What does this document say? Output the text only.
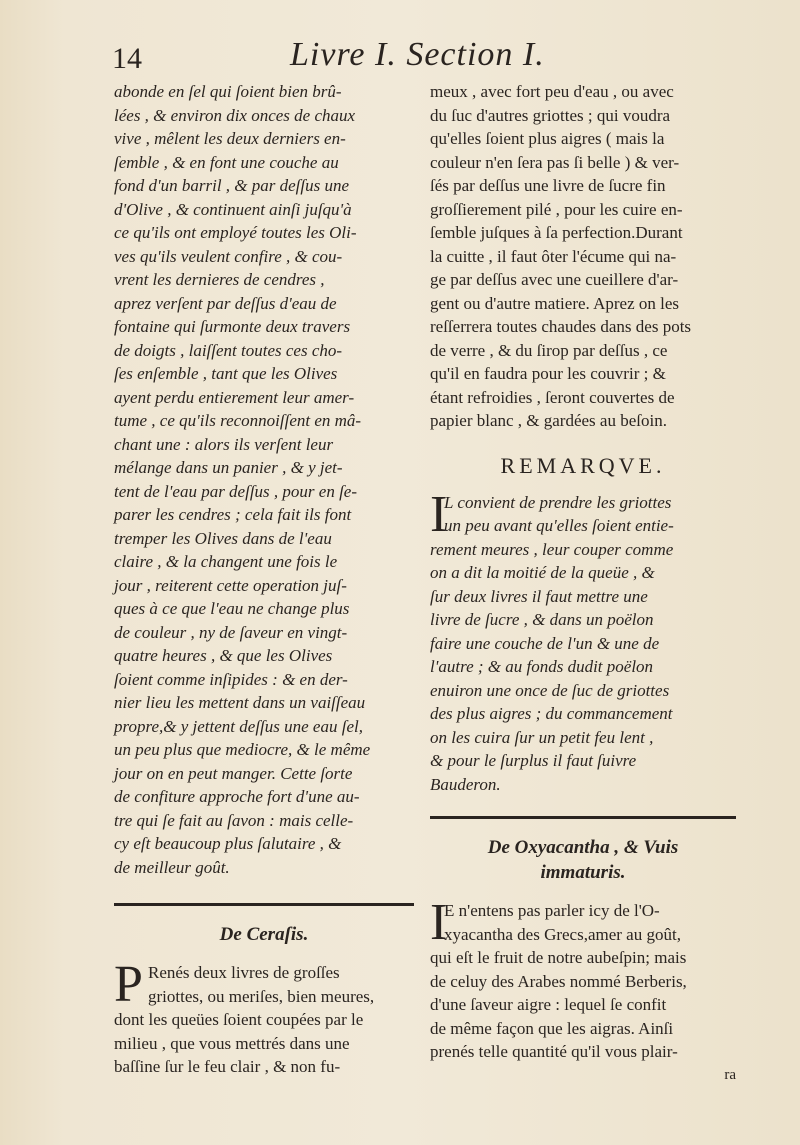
14	Livre I. Section I.
abonde en ſel qui ſoient bien brû-
lées , & environ dix onces de chaux
vive , mêlent les deux derniers en-
ſemble , & en font une couche au
fond d'un barril , & par deſſus une
d'Olive , & continuent ainſi juſqu'à
ce qu'ils ont employé toutes les Oli-
ves qu'ils veulent confire , & cou-
vrent les dernieres de cendres ,
aprez verſent par deſſus d'eau de
fontaine qui ſurmonte deux travers
de doigts , laiſſent toutes ces cho-
ſes enſemble , tant que les Olives
ayent perdu entierement leur amer-
tume , ce qu'ils reconnoiſſent en mâ-
chant une : alors ils verſent leur
mélange dans un panier , & y jet-
tent de l'eau par deſſus , pour en ſe-
parer les cendres ; cela fait ils font
tremper les Olives dans de l'eau
claire , & la changent une fois le
jour , reiterent cette operation juſ-
ques à ce que l'eau ne change plus
de couleur , ny de ſaveur en vingt-
quatre heures , & que les Olives
ſoient comme inſipides : & en der-
nier lieu les mettent dans un vaiſſeau
propre,& y jettent deſſus une eau ſel,
un peu plus que mediocre, & le même
jour on en peut manger. Cette ſorte
de confiture approche fort d'une au-
tre qui ſe fait au ſavon : mais celle-
cy eſt beaucoup plus ſalutaire , &
de meilleur goût.
De Ceraſis.
P Renés deux livres de groſſes
griottes, ou meriſes, bien meures,
dont les queües ſoient coupées par le
milieu , que vous mettrés dans une
baſſine ſur le feu clair , & non fu-
meux , avec fort peu d'eau , ou avec
du ſuc d'autres griottes ; qui voudra
qu'elles ſoient plus aigres ( mais la
couleur n'en ſera pas ſi belle ) & ver-
ſés par deſſus une livre de ſucre fin
groſſierement pilé , pour les cuire en-
ſemble juſques à ſa perfection.Durant
la cuitte , il faut ôter l'écume qui na-
ge par deſſus avec une cueillere d'ar-
gent ou d'autre matiere. Aprez on les
reſſerrera toutes chaudes dans des pots
de verre , & du ſirop par deſſus , ce
qu'il en faudra pour les couvrir ; &
étant refroidies , ſeront couvertes de
papier blanc , & gardées au beſoin.
REMARQVE.
I
L convient de prendre les griottes
un peu avant qu'elles ſoient entie-
rement meures , leur couper comme
on a dit la moitié de la queüe , &
ſur deux livres il faut mettre une
livre de ſucre , & dans un poëlon
faire une couche de l'un & une de
l'autre ; & au fonds dudit poëlon
enuiron une once de ſuc de griottes
des plus aigres ; du commancement
on les cuira ſur un petit feu lent ,
& pour le ſurplus il faut ſuivre
Bauderon.
De Oxyacantha , & Vuis
immaturis.
I
E n'entens pas parler icy de l'O-
xyacantha des Grecs,amer au goût,
qui eſt le fruit de notre aubeſpin; mais
de celuy des Arabes nommé Berberis,
d'une ſaveur aigre : lequel ſe confit
de même façon que les aigras. Ainſi
prenés telle quantité qu'il vous plair-
ra
